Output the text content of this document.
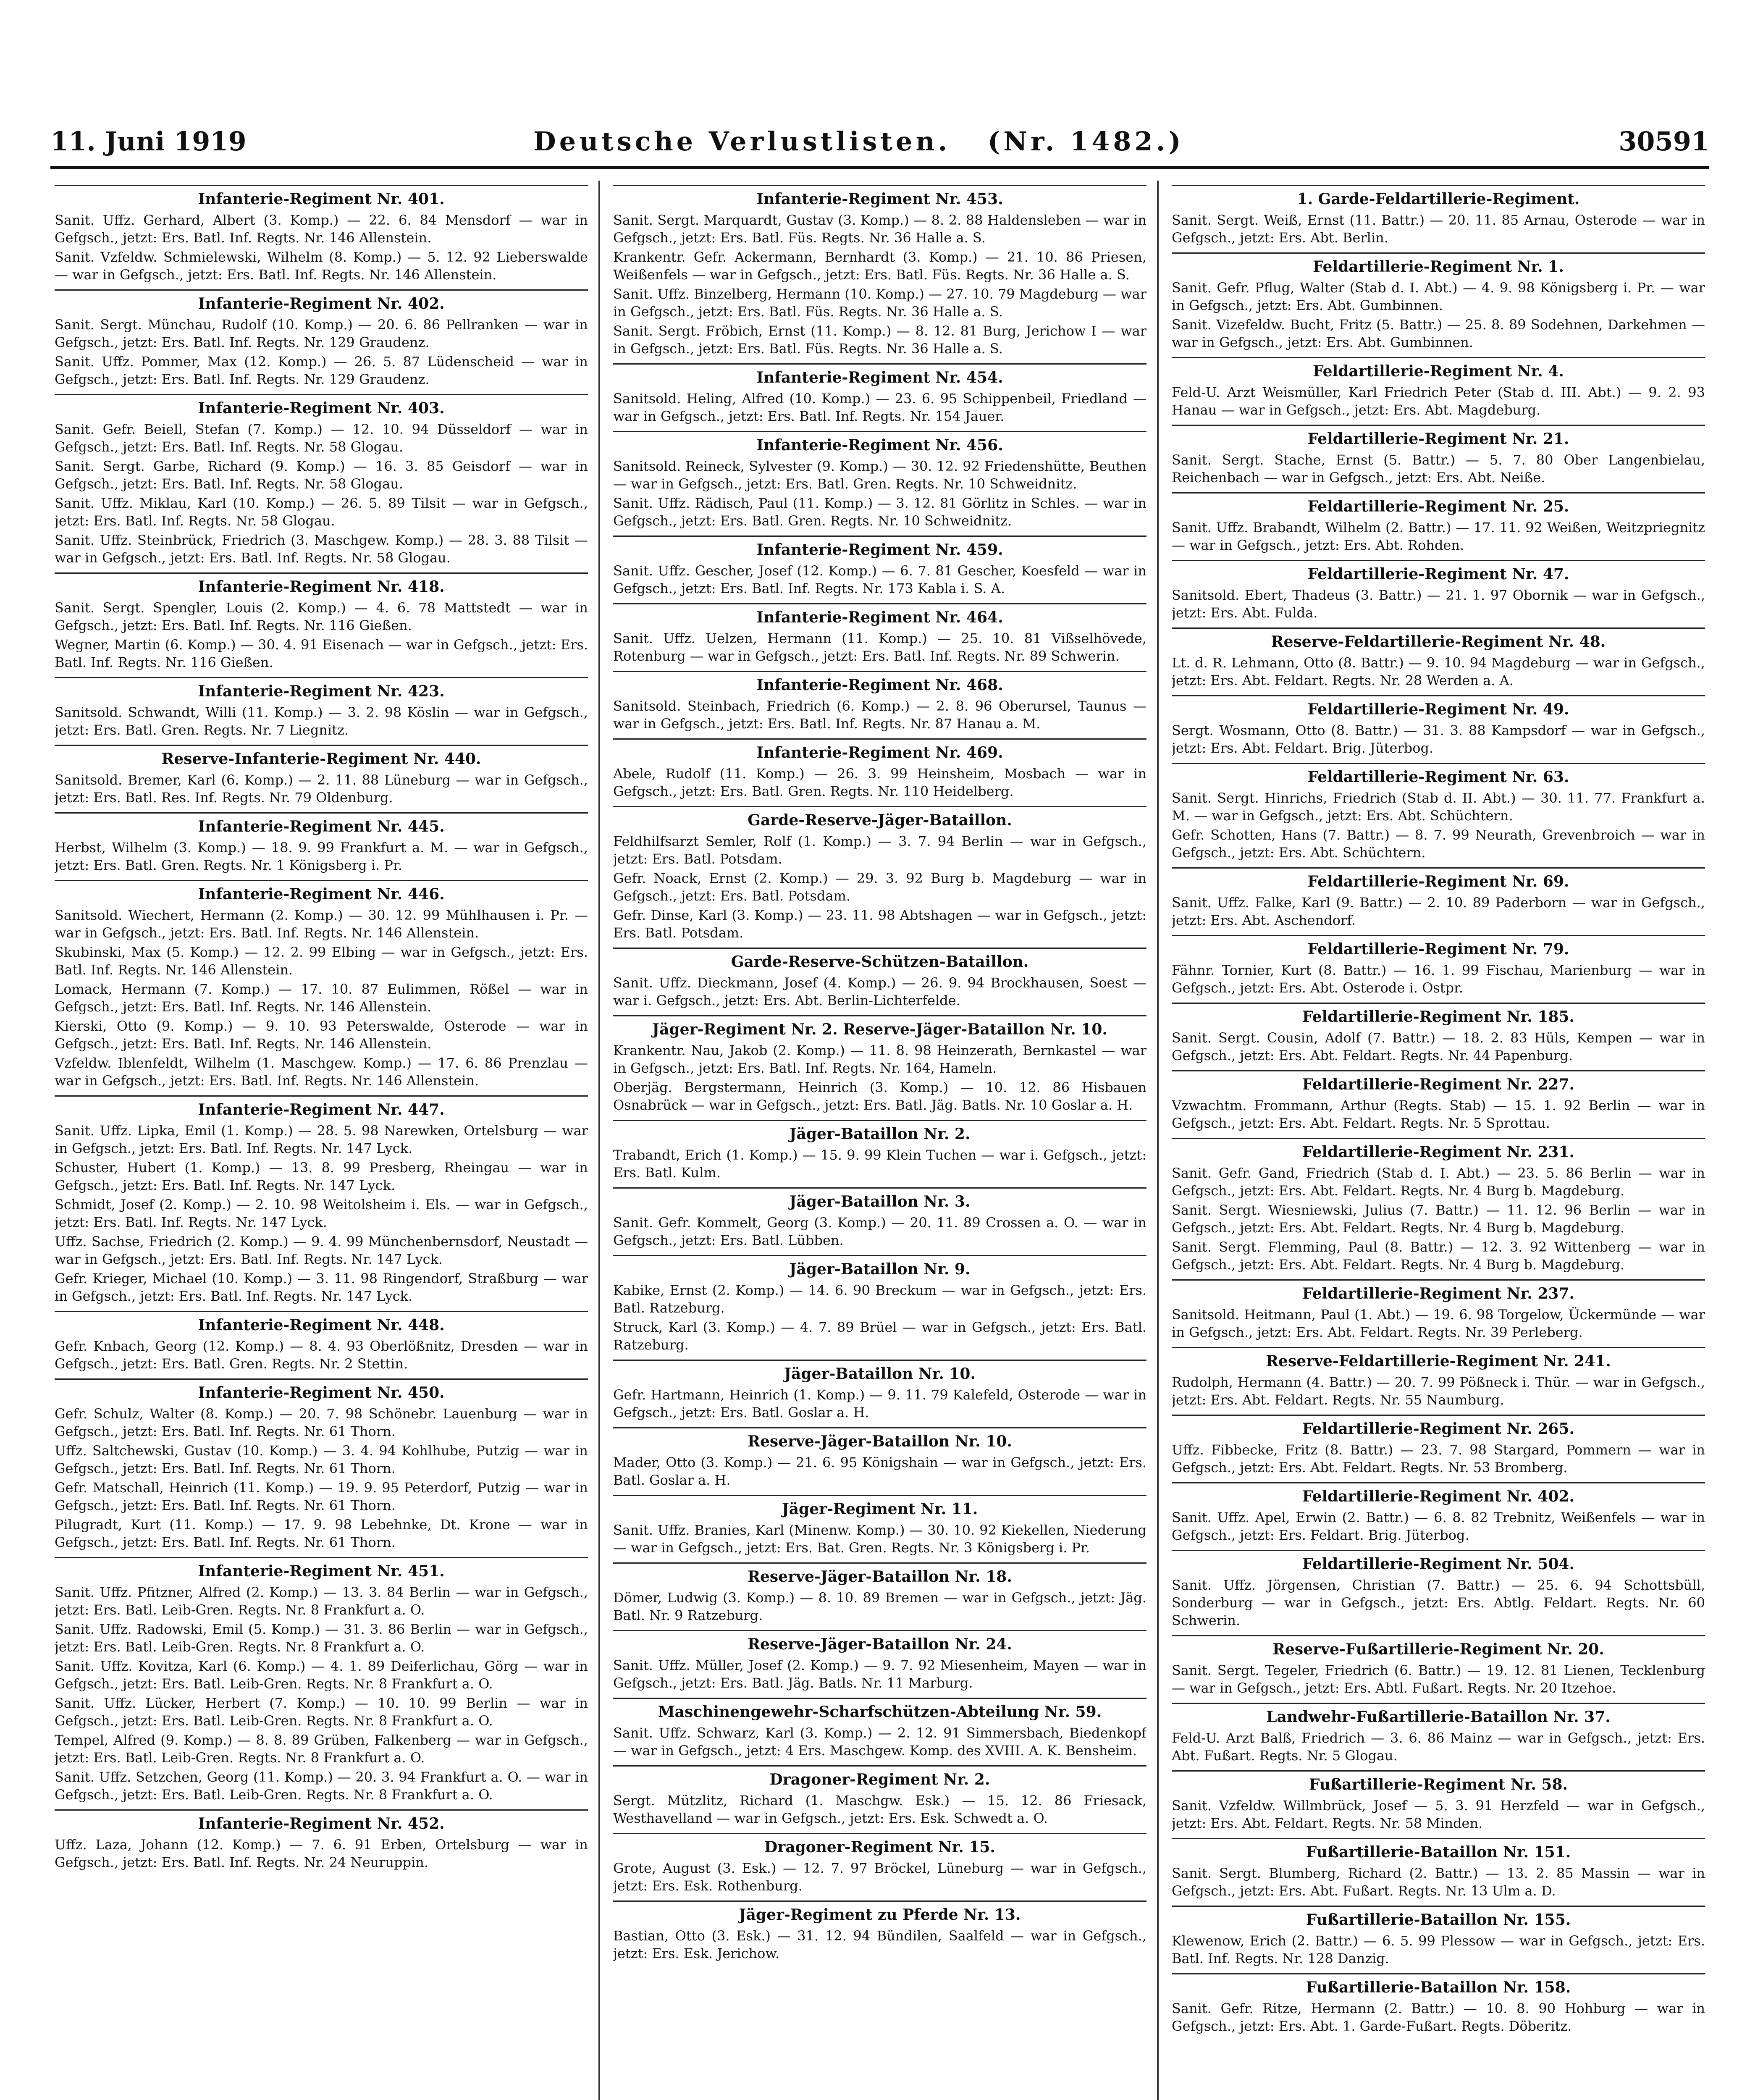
11. Juni 1919	Deutsche Verlustlisten. (Nr. 1482.)	30591
Infanterie-Regiment Nr. 401.
Sanit. Uffz. Gerhard, Albert (3. Komp.) — 22. 6. 84 Mensdorf — war in Gefgsch., jetzt: Ers. Batl. Inf. Regts. Nr. 146 Allenstein.
Sanit. Vzfeldw. Schmielewski, Wilhelm (8. Komp.) — 5. 12. 92 Lieberswalde — war in Gefgsch., jetzt: Ers. Batl. Inf. Regts. Nr. 146 Allenstein.
Infanterie-Regiment Nr. 402.
Sanit. Sergt. Münchau, Rudolf (10. Komp.) — 20. 6. 86 Pellranken — war in Gefgsch., jetzt: Ers. Batl. Inf. Regts. Nr. 129 Graudenz.
Sanit. Uffz. Pommer, Max (12. Komp.) — 26. 5. 87 Lüdenscheid — war in Gefgsch., jetzt: Ers. Batl. Inf. Regts. Nr. 129 Graudenz.
Infanterie-Regiment Nr. 403.
Sanit. Gefr. Beiell, Stefan (7. Komp.) — 12. 10. 94 Düsseldorf — war in Gefgsch., jetzt: Ers. Batl. Inf. Regts. Nr. 58 Glogau.
Sanit. Sergt. Garbe, Richard (9. Komp.) — 16. 3. 85 Geisdorf — war in Gefgsch., jetzt: Ers. Batl. Inf. Regts. Nr. 58 Glogau.
Sanit. Uffz. Miklau, Karl (10. Komp.) — 26. 5. 89 Tilsit — war in Gefgsch., jetzt: Ers. Batl. Inf. Regts. Nr. 58 Glogau.
Sanit. Uffz. Steinbrück, Friedrich (3. Maschgew. Komp.) — 28. 3. 88 Tilsit — war in Gefgsch., jetzt: Ers. Batl. Inf. Regts. Nr. 58 Glogau.
Infanterie-Regiment Nr. 418.
Sanit. Sergt. Spengler, Louis (2. Komp.) — 4. 6. 78 Mattstedt — war in Gefgsch., jetzt: Ers. Batl. Inf. Regts. Nr. 116 Gießen.
Wegner, Martin (6. Komp.) — 30. 4. 91 Eisenach — war in Gefgsch., jetzt: Ers. Batl. Inf. Regts. Nr. 116 Gießen.
Infanterie-Regiment Nr. 423.
Sanitsold. Schwandt, Willi (11. Komp.) — 3. 2. 98 Köslin — war in Gefgsch., jetzt: Ers. Batl. Gren. Regts. Nr. 7 Liegnitz.
Reserve-Infanterie-Regiment Nr. 440.
Sanitsold. Bremer, Karl (6. Komp.) — 2. 11. 88 Lüneburg — war in Gefgsch., jetzt: Ers. Batl. Res. Inf. Regts. Nr. 79 Oldenburg.
Infanterie-Regiment Nr. 445.
Herbst, Wilhelm (3. Komp.) — 18. 9. 99 Frankfurt a. M. — war in Gefgsch., jetzt: Ers. Batl. Gren. Regts. Nr. 1 Königsberg i. Pr.
Infanterie-Regiment Nr. 446.
Sanitsold. Wiechert, Hermann (2. Komp.) — 30. 12. 99 Mühlhausen i. Pr. — war in Gefgsch., jetzt: Ers. Batl. Inf. Regts. Nr. 146 Allenstein.
Skubinski, Max (5. Komp.) — 12. 2. 99 Elbing — war in Gefgsch., jetzt: Ers. Batl. Inf. Regts. Nr. 146 Allenstein.
Lomack, Hermann (7. Komp.) — 17. 10. 87 Eulimmen, Rößel — war in Gefgsch., jetzt: Ers. Batl. Inf. Regts. Nr. 146 Allenstein.
Kierski, Otto (9. Komp.) — 9. 10. 93 Peterswalde, Osterode — war in Gefgsch., jetzt: Ers. Batl. Inf. Regts. Nr. 146 Allenstein.
Vzfeldw. Iblenfeldt, Wilhelm (1. Maschgew. Komp.) — 17. 6. 86 Prenzlau — war in Gefgsch., jetzt: Ers. Batl. Inf. Regts. Nr. 146 Allenstein.
Infanterie-Regiment Nr. 447.
Sanit. Uffz. Lipka, Emil (1. Komp.) — 28. 5. 98 Narewken, Ortelsburg — war in Gefgsch., jetzt: Ers. Batl. Inf. Regts. Nr. 147 Lyck.
Schuster, Hubert (1. Komp.) — 13. 8. 99 Presberg, Rheingau — war in Gefgsch., jetzt: Ers. Batl. Inf. Regts. Nr. 147 Lyck.
Schmidt, Josef (2. Komp.) — 2. 10. 98 Weitolsheim i. Els. — war in Gefgsch., jetzt: Ers. Batl. Inf. Regts. Nr. 147 Lyck.
Uffz. Sachse, Friedrich (2. Komp.) — 9. 4. 99 Münchenbernsdorf, Neustadt — war in Gefgsch., jetzt: Ers. Batl. Inf. Regts. Nr. 147 Lyck.
Gefr. Krieger, Michael (10. Komp.) — 3. 11. 98 Ringendorf, Straßburg — war in Gefgsch., jetzt: Ers. Batl. Inf. Regts. Nr. 147 Lyck.
Infanterie-Regiment Nr. 448.
Gefr. Knbach, Georg (12. Komp.) — 8. 4. 93 Oberlößnitz, Dresden — war in Gefgsch., jetzt: Ers. Batl. Gren. Regts. Nr. 2 Stettin.
Infanterie-Regiment Nr. 450.
Gefr. Schulz, Walter (8. Komp.) — 20. 7. 98 Schönebr. Lauenburg — war in Gefgsch., jetzt: Ers. Batl. Inf. Regts. Nr. 61 Thorn.
Uffz. Saltchewski, Gustav (10. Komp.) — 3. 4. 94 Kohlhube, Putzig — war in Gefgsch., jetzt: Ers. Batl. Inf. Regts. Nr. 61 Thorn.
Gefr. Matschall, Heinrich (11. Komp.) — 19. 9. 95 Peterdorf, Putzig — war in Gefgsch., jetzt: Ers. Batl. Inf. Regts. Nr. 61 Thorn.
Pilugradt, Kurt (11. Komp.) — 17. 9. 98 Lebehnke, Dt. Krone — war in Gefgsch., jetzt: Ers. Batl. Inf. Regts. Nr. 61 Thorn.
Infanterie-Regiment Nr. 451.
Sanit. Uffz. Pfitzner, Alfred (2. Komp.) — 13. 3. 84 Berlin — war in Gefgsch., jetzt: Ers. Batl. Leib-Gren. Regts. Nr. 8 Frankfurt a. O.
Sanit. Uffz. Radowski, Emil (5. Komp.) — 31. 3. 86 Berlin — war in Gefgsch., jetzt: Ers. Batl. Leib-Gren. Regts. Nr. 8 Frankfurt a. O.
Sanit. Uffz. Kovitza, Karl (6. Komp.) — 4. 1. 89 Deiferlichau, Görg — war in Gefgsch., jetzt: Ers. Batl. Leib-Gren. Regts. Nr. 8 Frankfurt a. O.
Sanit. Uffz. Lücker, Herbert (7. Komp.) — 10. 10. 99 Berlin — war in Gefgsch., jetzt: Ers. Batl. Leib-Gren. Regts. Nr. 8 Frankfurt a. O.
Tempel, Alfred (9. Komp.) — 8. 8. 89 Grüben, Falkenberg — war in Gefgsch., jetzt: Ers. Batl. Leib-Gren. Regts. Nr. 8 Frankfurt a. O.
Sanit. Uffz. Setzchen, Georg (11. Komp.) — 20. 3. 94 Frankfurt a. O. — war in Gefgsch., jetzt: Ers. Batl. Leib-Gren. Regts. Nr. 8 Frankfurt a. O.
Infanterie-Regiment Nr. 452.
Uffz. Laza, Johann (12. Komp.) — 7. 6. 91 Erben, Ortelsburg — war in Gefgsch., jetzt: Ers. Batl. Inf. Regts. Nr. 24 Neuruppin.
Infanterie-Regiment Nr. 453.
Sanit. Sergt. Marquardt, Gustav (3. Komp.) — 8. 2. 88 Haldensleben — war in Gefgsch., jetzt: Ers. Batl. Füs. Regts. Nr. 36 Halle a. S.
Krankentr. Gefr. Ackermann, Bernhardt (3. Komp.) — 21. 10. 86 Priesen, Weißenfels — war in Gefgsch., jetzt: Ers. Batl. Füs. Regts. Nr. 36 Halle a. S.
Sanit. Uffz. Binzelberg, Hermann (10. Komp.) — 27. 10. 79 Magdeburg — war in Gefgsch., jetzt: Ers. Batl. Füs. Regts. Nr. 36 Halle a. S.
Sanit. Sergt. Fröbich, Ernst (11. Komp.) — 8. 12. 81 Burg, Jerichow I — war in Gefgsch., jetzt: Ers. Batl. Füs. Regts. Nr. 36 Halle a. S.
Infanterie-Regiment Nr. 454.
Sanitsold. Heling, Alfred (10. Komp.) — 23. 6. 95 Schippenbeil, Friedland — war in Gefgsch., jetzt: Ers. Batl. Inf. Regts. Nr. 154 Jauer.
Infanterie-Regiment Nr. 456.
Sanitsold. Reineck, Sylvester (9. Komp.) — 30. 12. 92 Friedenshütte, Beuthen — war in Gefgsch., jetzt: Ers. Batl. Gren. Regts. Nr. 10 Schweidnitz.
Sanit. Uffz. Rädisch, Paul (11. Komp.) — 3. 12. 81 Görlitz in Schles. — war in Gefgsch., jetzt: Ers. Batl. Gren. Regts. Nr. 10 Schweidnitz.
Infanterie-Regiment Nr. 459.
Sanit. Uffz. Gescher, Josef (12. Komp.) — 6. 7. 81 Gescher, Koesfeld — war in Gefgsch., jetzt: Ers. Batl. Inf. Regts. Nr. 173 Kabla i. S. A.
Infanterie-Regiment Nr. 464.
Sanit. Uffz. Uelzen, Hermann (11. Komp.) — 25. 10. 81 Vißselhövede, Rotenburg — war in Gefgsch., jetzt: Ers. Batl. Inf. Regts. Nr. 89 Schwerin.
Infanterie-Regiment Nr. 468.
Sanitsold. Steinbach, Friedrich (6. Komp.) — 2. 8. 96 Oberursel, Taunus — war in Gefgsch., jetzt: Ers. Batl. Inf. Regts. Nr. 87 Hanau a. M.
Infanterie-Regiment Nr. 469.
Abele, Rudolf (11. Komp.) — 26. 3. 99 Heinsheim, Mosbach — war in Gefgsch., jetzt: Ers. Batl. Gren. Regts. Nr. 110 Heidelberg.
Garde-Reserve-Jäger-Bataillon.
Feldhilfsarzt Semler, Rolf (1. Komp.) — 3. 7. 94 Berlin — war in Gefgsch., jetzt: Ers. Batl. Potsdam.
Gefr. Noack, Ernst (2. Komp.) — 29. 3. 92 Burg b. Magdeburg — war in Gefgsch., jetzt: Ers. Batl. Potsdam.
Gefr. Dinse, Karl (3. Komp.) — 23. 11. 98 Abtshagen — war in Gefgsch., jetzt: Ers. Batl. Potsdam.
Garde-Reserve-Schützen-Bataillon.
Sanit. Uffz. Dieckmann, Josef (4. Komp.) — 26. 9. 94 Brockhausen, Soest — war i. Gefgsch., jetzt: Ers. Abt. Berlin-Lichterfelde.
Jäger-Regiment Nr. 2. Reserve-Jäger-Bataillon Nr. 10.
Krankentr. Nau, Jakob (2. Komp.) — 11. 8. 98 Heinzerath, Bernkastel — war in Gefgsch., jetzt: Ers. Batl. Inf. Regts. Nr. 164, Hameln.
Oberjäg. Bergstermann, Heinrich (3. Komp.) — 10. 12. 86 Hisbauen Osnabrück — war in Gefgsch., jetzt: Ers. Batl. Jäg. Batls. Nr. 10 Goslar a. H.
Jäger-Bataillon Nr. 2.
Trabandt, Erich (1. Komp.) — 15. 9. 99 Klein Tuchen — war i. Gefgsch., jetzt: Ers. Batl. Kulm.
Jäger-Bataillon Nr. 3.
Sanit. Gefr. Kommelt, Georg (3. Komp.) — 20. 11. 89 Crossen a. O. — war in Gefgsch., jetzt: Ers. Batl. Lübben.
Jäger-Bataillon Nr. 9.
Kabike, Ernst (2. Komp.) — 14. 6. 90 Breckum — war in Gefgsch., jetzt: Ers. Batl. Ratzeburg.
Struck, Karl (3. Komp.) — 4. 7. 89 Brüel — war in Gefgsch., jetzt: Ers. Batl. Ratzeburg.
Jäger-Bataillon Nr. 10.
Gefr. Hartmann, Heinrich (1. Komp.) — 9. 11. 79 Kalefeld, Osterode — war in Gefgsch., jetzt: Ers. Batl. Goslar a. H.
Reserve-Jäger-Bataillon Nr. 10.
Mader, Otto (3. Komp.) — 21. 6. 95 Königshain — war in Gefgsch., jetzt: Ers. Batl. Goslar a. H.
Jäger-Regiment Nr. 11.
Sanit. Uffz. Branies, Karl (Minenw. Komp.) — 30. 10. 92 Kiekellen, Niederung — war in Gefgsch., jetzt: Ers. Bat. Gren. Regts. Nr. 3 Königsberg i. Pr.
Reserve-Jäger-Bataillon Nr. 18.
Dömer, Ludwig (3. Komp.) — 8. 10. 89 Bremen — war in Gefgsch., jetzt: Jäg. Batl. Nr. 9 Ratzeburg.
Reserve-Jäger-Bataillon Nr. 24.
Sanit. Uffz. Müller, Josef (2. Komp.) — 9. 7. 92 Miesenheim, Mayen — war in Gefgsch., jetzt: Ers. Batl. Jäg. Batls. Nr. 11 Marburg.
Maschinengewehr-Scharfschützen-Abteilung Nr. 59.
Sanit. Uffz. Schwarz, Karl (3. Komp.) — 2. 12. 91 Simmersbach, Biedenkopf — war in Gefgsch., jetzt: 4 Ers. Maschgew. Komp. des XVIII. A. K. Bensheim.
Dragoner-Regiment Nr. 2.
Sergt. Mützlitz, Richard (1. Maschgw. Esk.) — 15. 12. 86 Friesack, Westhavelland — war in Gefgsch., jetzt: Ers. Esk. Schwedt a. O.
Dragoner-Regiment Nr. 15.
Grote, August (3. Esk.) — 12. 7. 97 Bröckel, Lüneburg — war in Gefgsch., jetzt: Ers. Esk. Rothenburg.
Jäger-Regiment zu Pferde Nr. 13.
Bastian, Otto (3. Esk.) — 31. 12. 94 Bündilen, Saalfeld — war in Gefgsch., jetzt: Ers. Esk. Jerichow.
1. Garde-Feldartillerie-Regiment.
Sanit. Sergt. Weiß, Ernst (11. Battr.) — 20. 11. 85 Arnau, Osterode — war in Gefgsch., jetzt: Ers. Abt. Berlin.
Feldartillerie-Regiment Nr. 1.
Sanit. Gefr. Pflug, Walter (Stab d. I. Abt.) — 4. 9. 98 Königsberg i. Pr. — war in Gefgsch., jetzt: Ers. Abt. Gumbinnen.
Sanit. Vizefeldw. Bucht, Fritz (5. Battr.) — 25. 8. 89 Sodehnen, Darkehmen — war in Gefgsch., jetzt: Ers. Abt. Gumbinnen.
Feldartillerie-Regiment Nr. 4.
Feld-U. Arzt Weismüller, Karl Friedrich Peter (Stab d. III. Abt.) — 9. 2. 93 Hanau — war in Gefgsch., jetzt: Ers. Abt. Magdeburg.
Feldartillerie-Regiment Nr. 21.
Sanit. Sergt. Stache, Ernst (5. Battr.) — 5. 7. 80 Ober Langenbielau, Reichenbach — war in Gefgsch., jetzt: Ers. Abt. Neiße.
Feldartillerie-Regiment Nr. 25.
Sanit. Uffz. Brabandt, Wilhelm (2. Battr.) — 17. 11. 92 Weißen, Weitzpriegnitz — war in Gefgsch., jetzt: Ers. Abt. Rohden.
Feldartillerie-Regiment Nr. 47.
Sanitsold. Ebert, Thadeus (3. Battr.) — 21. 1. 97 Obornik — war in Gefgsch., jetzt: Ers. Abt. Fulda.
Reserve-Feldartillerie-Regiment Nr. 48.
Lt. d. R. Lehmann, Otto (8. Battr.) — 9. 10. 94 Magdeburg — war in Gefgsch., jetzt: Ers. Abt. Feldart. Regts. Nr. 28 Werden a. A.
Feldartillerie-Regiment Nr. 49.
Sergt. Wosmann, Otto (8. Battr.) — 31. 3. 88 Kampsdorf — war in Gefgsch., jetzt: Ers. Abt. Feldart. Brig. Jüterbog.
Feldartillerie-Regiment Nr. 63.
Sanit. Sergt. Hinrichs, Friedrich (Stab d. II. Abt.) — 30. 11. 77. Frankfurt a. M. — war in Gefgsch., jetzt: Ers. Abt. Schüchtern.
Gefr. Schotten, Hans (7. Battr.) — 8. 7. 99 Neurath, Grevenbroich — war in Gefgsch., jetzt: Ers. Abt. Schüchtern.
Feldartillerie-Regiment Nr. 69.
Sanit. Uffz. Falke, Karl (9. Battr.) — 2. 10. 89 Paderborn — war in Gefgsch., jetzt: Ers. Abt. Aschendorf.
Feldartillerie-Regiment Nr. 79.
Fähnr. Tornier, Kurt (8. Battr.) — 16. 1. 99 Fischau, Marienburg — war in Gefgsch., jetzt: Ers. Abt. Osterode i. Ostpr.
Feldartillerie-Regiment Nr. 185.
Sanit. Sergt. Cousin, Adolf (7. Battr.) — 18. 2. 83 Hüls, Kempen — war in Gefgsch., jetzt: Ers. Abt. Feldart. Regts. Nr. 44 Papenburg.
Feldartillerie-Regiment Nr. 227.
Vzwachtm. Frommann, Arthur (Regts. Stab) — 15. 1. 92 Berlin — war in Gefgsch., jetzt: Ers. Abt. Feldart. Regts. Nr. 5 Sprottau.
Feldartillerie-Regiment Nr. 231.
Sanit. Gefr. Gand, Friedrich (Stab d. I. Abt.) — 23. 5. 86 Berlin — war in Gefgsch., jetzt: Ers. Abt. Feldart. Regts. Nr. 4 Burg b. Magdeburg.
Sanit. Sergt. Wiesniewski, Julius (7. Battr.) — 11. 12. 96 Berlin — war in Gefgsch., jetzt: Ers. Abt. Feldart. Regts. Nr. 4 Burg b. Magdeburg.
Sanit. Sergt. Flemming, Paul (8. Battr.) — 12. 3. 92 Wittenberg — war in Gefgsch., jetzt: Ers. Abt. Feldart. Regts. Nr. 4 Burg b. Magdeburg.
Feldartillerie-Regiment Nr. 237.
Sanitsold. Heitmann, Paul (1. Abt.) — 19. 6. 98 Torgelow, Ückermünde — war in Gefgsch., jetzt: Ers. Abt. Feldart. Regts. Nr. 39 Perleberg.
Reserve-Feldartillerie-Regiment Nr. 241.
Rudolph, Hermann (4. Battr.) — 20. 7. 99 Pößneck i. Thür. — war in Gefgsch., jetzt: Ers. Abt. Feldart. Regts. Nr. 55 Naumburg.
Feldartillerie-Regiment Nr. 265.
Uffz. Fibbecke, Fritz (8. Battr.) — 23. 7. 98 Stargard, Pommern — war in Gefgsch., jetzt: Ers. Abt. Feldart. Regts. Nr. 53 Bromberg.
Feldartillerie-Regiment Nr. 402.
Sanit. Uffz. Apel, Erwin (2. Battr.) — 6. 8. 82 Trebnitz, Weißenfels — war in Gefgsch., jetzt: Ers. Feldart. Brig. Jüterbog.
Feldartillerie-Regiment Nr. 504.
Sanit. Uffz. Jörgensen, Christian (7. Battr.) — 25. 6. 94 Schottsbüll, Sonderburg — war in Gefgsch., jetzt: Ers. Abtlg. Feldart. Regts. Nr. 60 Schwerin.
Reserve-Fußartillerie-Regiment Nr. 20.
Sanit. Sergt. Tegeler, Friedrich (6. Battr.) — 19. 12. 81 Lienen, Tecklenburg — war in Gefgsch., jetzt: Ers. Abtl. Fußart. Regts. Nr. 20 Itzehoe.
Landwehr-Fußartillerie-Bataillon Nr. 37.
Feld-U. Arzt Balß, Friedrich — 3. 6. 86 Mainz — war in Gefgsch., jetzt: Ers. Abt. Fußart. Regts. Nr. 5 Glogau.
Fußartillerie-Regiment Nr. 58.
Sanit. Vzfeldw. Willmbrück, Josef — 5. 3. 91 Herzfeld — war in Gefgsch., jetzt: Ers. Abt. Feldart. Regts. Nr. 58 Minden.
Fußartillerie-Bataillon Nr. 151.
Sanit. Sergt. Blumberg, Richard (2. Battr.) — 13. 2. 85 Massin — war in Gefgsch., jetzt: Ers. Abt. Fußart. Regts. Nr. 13 Ulm a. D.
Fußartillerie-Bataillon Nr. 155.
Klewenow, Erich (2. Battr.) — 6. 5. 99 Plessow — war in Gefgsch., jetzt: Ers. Batl. Inf. Regts. Nr. 128 Danzig.
Fußartillerie-Bataillon Nr. 158.
Sanit. Gefr. Ritze, Hermann (2. Battr.) — 10. 8. 90 Hohburg — war in Gefgsch., jetzt: Ers. Abt. 1. Garde-Fußart. Regts. Döberitz.
